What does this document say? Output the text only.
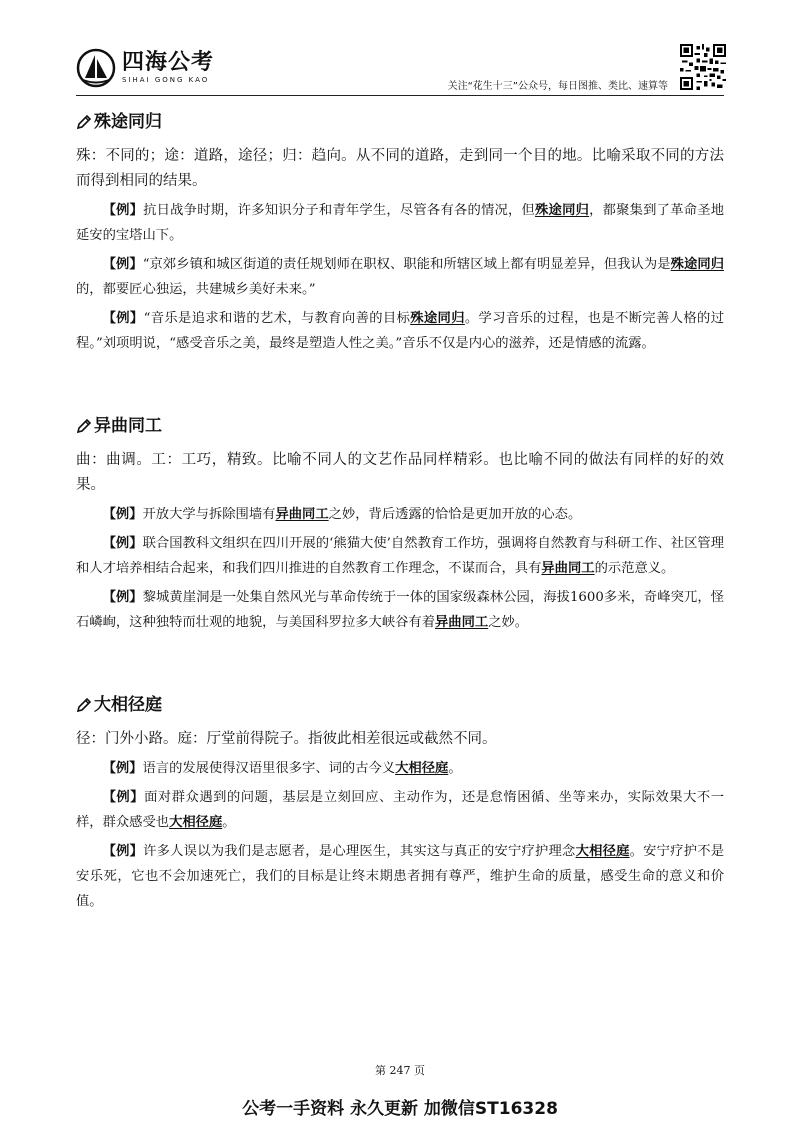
四海公考
SIHAI GONG KAO
关注“花生十三”公众号，每日图推、类比、速算等
殊途同归

殊：不同的；途：道路，途径；归：趋向。从不同的道路，走到同一个目的地。比喻采取不同的方法而得到相同的结果。

【例】抗日战争时期，许多知识分子和青年学生，尽管各有各的情况，但殊途同归，都聚集到了革命圣地延安的宝塔山下。

【例】“京郊乡镇和城区街道的责任规划师在职权、职能和所辖区域上都有明显差异，但我认为是殊途同归的，都要匠心独运，共建城乡美好未来。”

【例】“音乐是追求和谐的艺术，与教育向善的目标殊途同归。学习音乐的过程，也是不断完善人格的过程。”刘项明说，“感受音乐之美，最终是塑造人性之美。”音乐不仅是内心的滋养，还是情感的流露。

异曲同工

曲：曲调。工：工巧，精致。比喻不同人的文艺作品同样精彩。也比喻不同的做法有同样的好的效果。

【例】开放大学与拆除围墙有异曲同工之妙，背后透露的恰恰是更加开放的心态。

【例】联合国教科文组织在四川开展的‘熊猫大使’自然教育工作坊，强调将自然教育与科研工作、社区管理和人才培养相结合起来，和我们四川推进的自然教育工作理念，不谋而合，具有异曲同工的示范意义。

【例】黎城黄崖洞是一处集自然风光与革命传统于一体的国家级森林公园，海拔1600多米，奇峰突兀，怪石嶙峋，这种独特而壮观的地貌，与美国科罗拉多大峡谷有着异曲同工之妙。

大相径庭

径：门外小路。庭：厅堂前得院子。指彼此相差很远或截然不同。

【例】语言的发展使得汉语里很多字、词的古今义大相径庭。

【例】面对群众遇到的问题，基层是立刻回应、主动作为，还是怠惰困循、坐等来办，实际效果大不一样，群众感受也大相径庭。

【例】许多人误以为我们是志愿者，是心理医生，其实这与真正的安宁疗护理念大相径庭。安宁疗护不是安乐死，它也不会加速死亡，我们的目标是让终末期患者拥有尊严，维护生命的质量，感受生命的意义和价值。

第 247 页
公考一手资料 永久更新 加微信ST16328
